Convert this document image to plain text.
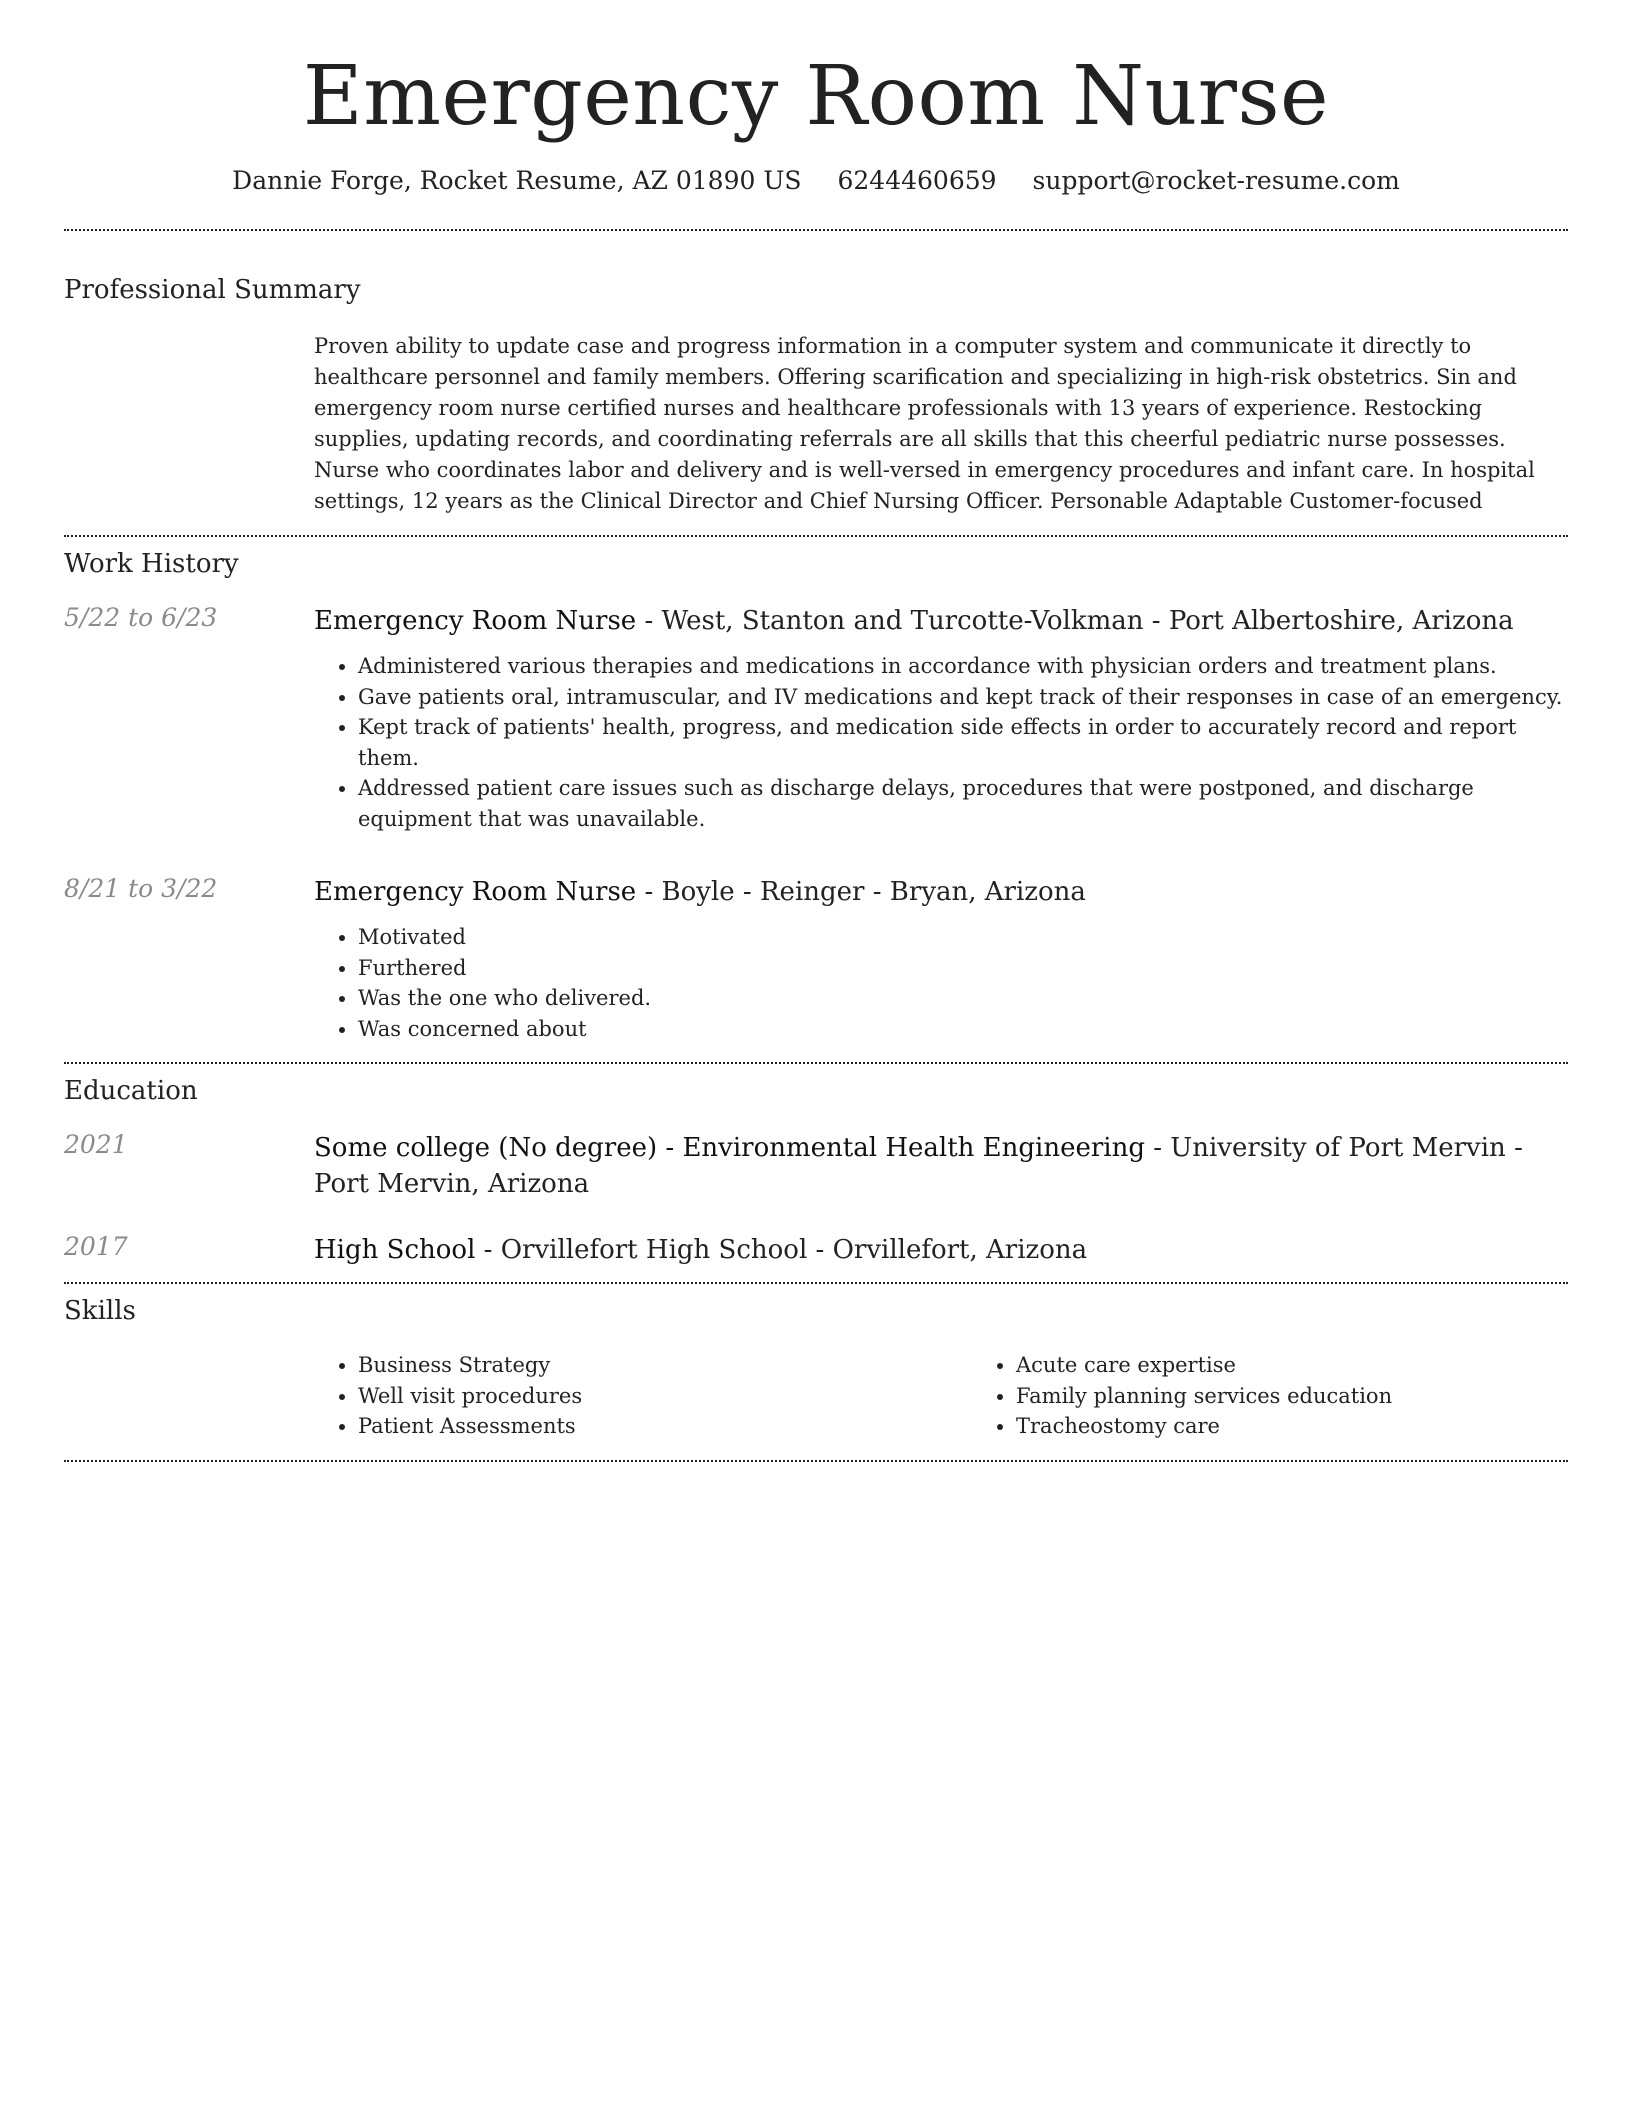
Emergency Room Nurse
Dannie Forge, Rocket Resume, AZ 01890 US 6244460659 support@rocket-resume.com
Professional Summary
Proven ability to update case and progress information in a computer system and communicate it directly to healthcare personnel and family members. Offering scarification and specializing in high-risk obstetrics. Sin and emergency room nurse certified nurses and healthcare professionals with 13 years of experience. Restocking supplies, updating records, and coordinating referrals are all skills that this cheerful pediatric nurse possesses. Nurse who coordinates labor and delivery and is well-versed in emergency procedures and infant care. In hospital settings, 12 years as the Clinical Director and Chief Nursing Officer. Personable Adaptable Customer-focused
Work History
5/22 to 6/23	Emergency Room Nurse - West, Stanton and Turcotte-Volkman - Port Albertoshire, Arizona
• Administered various therapies and medications in accordance with physician orders and treatment plans.
• Gave patients oral, intramuscular, and IV medications and kept track of their responses in case of an emergency.
• Kept track of patients' health, progress, and medication side effects in order to accurately record and report them.
• Addressed patient care issues such as discharge delays, procedures that were postponed, and discharge equipment that was unavailable.
8/21 to 3/22	Emergency Room Nurse - Boyle - Reinger - Bryan, Arizona
• Motivated
• Furthered
• Was the one who delivered.
• Was concerned about
Education
2021	Some college (No degree) - Environmental Health Engineering - University of Port Mervin - Port Mervin, Arizona
2017	High School - Orvillefort High School - Orvillefort, Arizona
Skills
• Business Strategy
• Well visit procedures
• Patient Assessments
• Acute care expertise
• Family planning services education
• Tracheostomy care
